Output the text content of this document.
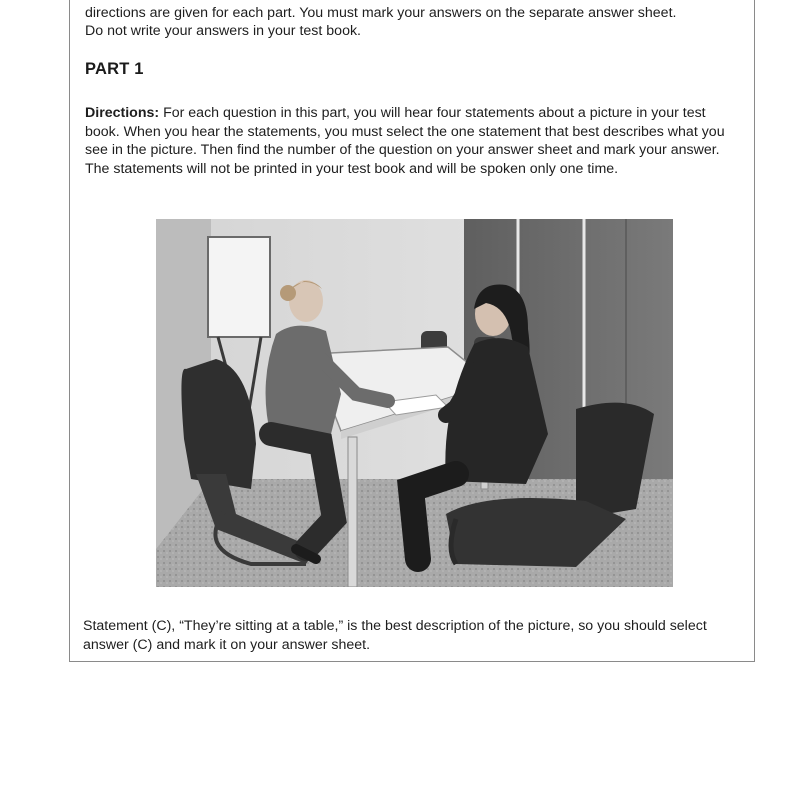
directions are given for each part. You must mark your answers on the separate answer sheet.
Do not write your answers in your test book.

PART 1

Directions: For each question in this part, you will hear four statements about a picture in your test book. When you hear the statements, you must select the one statement that best describes what you see in the picture. Then find the number of the question on your answer sheet and mark your answer. The statements will not be printed in your test book and will be spoken only one time.

Statement (C), “They’re sitting at a table,” is the best description of the picture, so you should select answer (C) and mark it on your answer sheet.
